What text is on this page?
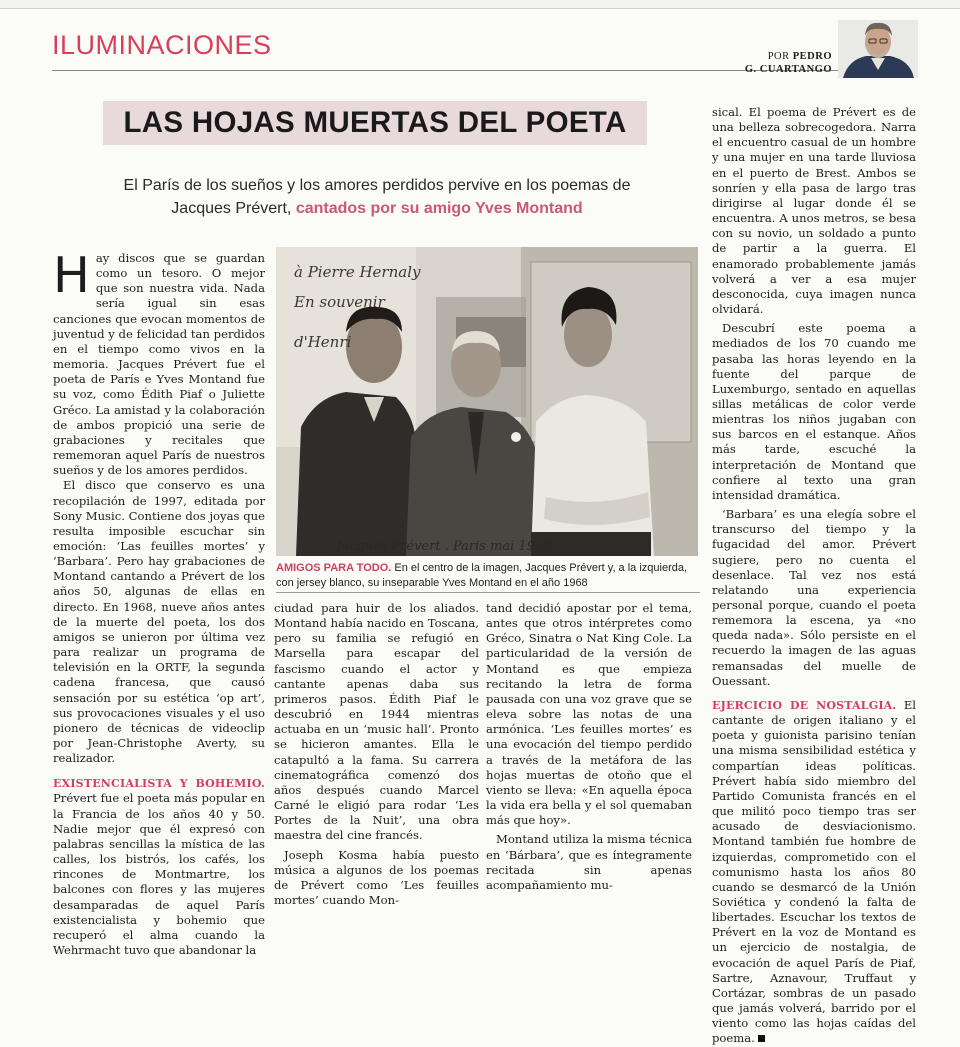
ILUMINACIONES	POR PEDRO
G. CUARTANGO
LAS HOJAS MUERTAS DEL POETA
El París de los sueños y los amores perdidos pervive en los poemas de Jacques Prévert, cantados por su amigo Yves Montand

Hay discos que se guardan como un tesoro. O mejor que son nuestra vida. Nada sería igual sin esas canciones que evocan momentos de juventud y de felicidad tan perdidos en el tiempo como vivos en la memoria. Jacques Prévert fue el poeta de París e Yves Montand fue su voz, como Édith Piaf o Juliette Gréco. La amistad y la colaboración de ambos propició una serie de grabaciones y recitales que rememoran aquel París de nuestros sueños y de los amores perdidos.

El disco que conservo es una recopilación de 1997, editada por Sony Music. Contiene dos joyas que resulta imposible escuchar sin emoción: ‘Las feuilles mortes’ y ‘Barbara’. Pero hay grabaciones de Montand cantando a Prévert de los años 50, algunas de ellas en directo. En 1968, nueve años antes de la muerte del poeta, los dos amigos se unieron por última vez para realizar un programa de televisión en la ORTF, la segunda cadena francesa, que causó sensación por su estética ‘op art’, sus provocaciones visuales y el uso pionero de técnicas de videoclip por Jean-Christophe Averty, su realizador.

EXISTENCIALISTA Y BOHEMIO. Prévert fue el poeta más popular en la Francia de los años 40 y 50. Nadie mejor que él expresó con palabras sencillas la mística de las calles, los bistrós, los cafés, los rincones de Montmartre, los balcones con flores y las mujeres desamparadas de aquel París existencialista y bohemio que recuperó el alma cuando la Wehrmacht tuvo que abandonar la

à Pierre Hernaly
En souvenir
d'Henri
Jacques Prévert . Paris mai 1958
AMIGOS PARA TODO. En el centro de la imagen, Jacques Prévert y, a la izquierda, con jersey blanco, su inseparable Yves Montand en el año 1968

ciudad para huir de los aliados. Montand había nacido en Toscana, pero su familia se refugió en Marsella para escapar del fascismo cuando el actor y cantante apenas daba sus primeros pasos. Édith Piaf le descubrió en 1944 mientras actuaba en un ‘music hall’. Pronto se hicieron amantes. Ella le catapultó a la fama. Su carrera cinematográfica comenzó dos años después cuando Marcel Carné le eligió para rodar ‘Les Portes de la Nuit’, una obra maestra del cine francés.

Joseph Kosma había puesto música a algunos de los poemas de Prévert como ‘Les feuilles mortes’ cuando Mon-

tand decidió apostar por el tema, antes que otros intérpretes como Gréco, Sinatra o Nat King Cole. La particularidad de la versión de Montand es que empieza recitando la letra de forma pausada con una voz grave que se eleva sobre las notas de una armónica. ‘Les feuilles mortes’ es una evocación del tiempo perdido a través de la metáfora de las hojas muertas de otoño que el viento se lleva: «En aquella época la vida era bella y el sol quemaban más que hoy».

Montand utiliza la misma técnica en ‘Bárbara’, que es íntegramente recitada sin apenas acompañamiento mu-

sical. El poema de Prévert es de una belleza sobrecogedora. Narra el encuentro casual de un hombre y una mujer en una tarde lluviosa en el puerto de Brest. Ambos se sonríen y ella pasa de largo tras dirigirse al lugar donde él se encuentra. A unos metros, se besa con su novio, un soldado a punto de partir a la guerra. El enamorado probablemente jamás volverá a ver a esa mujer desconocida, cuya imagen nunca olvidará.

Descubrí este poema a mediados de los 70 cuando me pasaba las horas leyendo en la fuente del parque de Luxemburgo, sentado en aquellas sillas metálicas de color verde mientras los niños jugaban con sus barcos en el estanque. Años más tarde, escuché la interpretación de Montand que confiere al texto una gran intensidad dramática.

‘Barbara’ es una elegía sobre el transcurso del tiempo y la fugacidad del amor. Prévert sugiere, pero no cuenta el desenlace. Tal vez nos está relatando una experiencia personal porque, cuando el poeta rememora la escena, ya «no queda nada». Sólo persiste en el recuerdo la imagen de las aguas remansadas del muelle de Ouessant.

EJERCICIO DE NOSTALGIA. El cantante de origen italiano y el poeta y guionista parisino tenían una misma sensibilidad estética y compartían ideas políticas. Prévert había sido miembro del Partido Comunista francés en el que militó poco tiempo tras ser acusado de desviacionismo. Montand también fue hombre de izquierdas, comprometido con el comunismo hasta los años 80 cuando se desmarcó de la Unión Soviética y condenó la falta de libertades. Escuchar los textos de Prévert en la voz de Montand es un ejercicio de nostalgia, de evocación de aquel París de Piaf, Sartre, Aznavour, Truffaut y Cortázar, sombras de un pasado que jamás volverá, barrido por el viento como las hojas caídas del poema.
